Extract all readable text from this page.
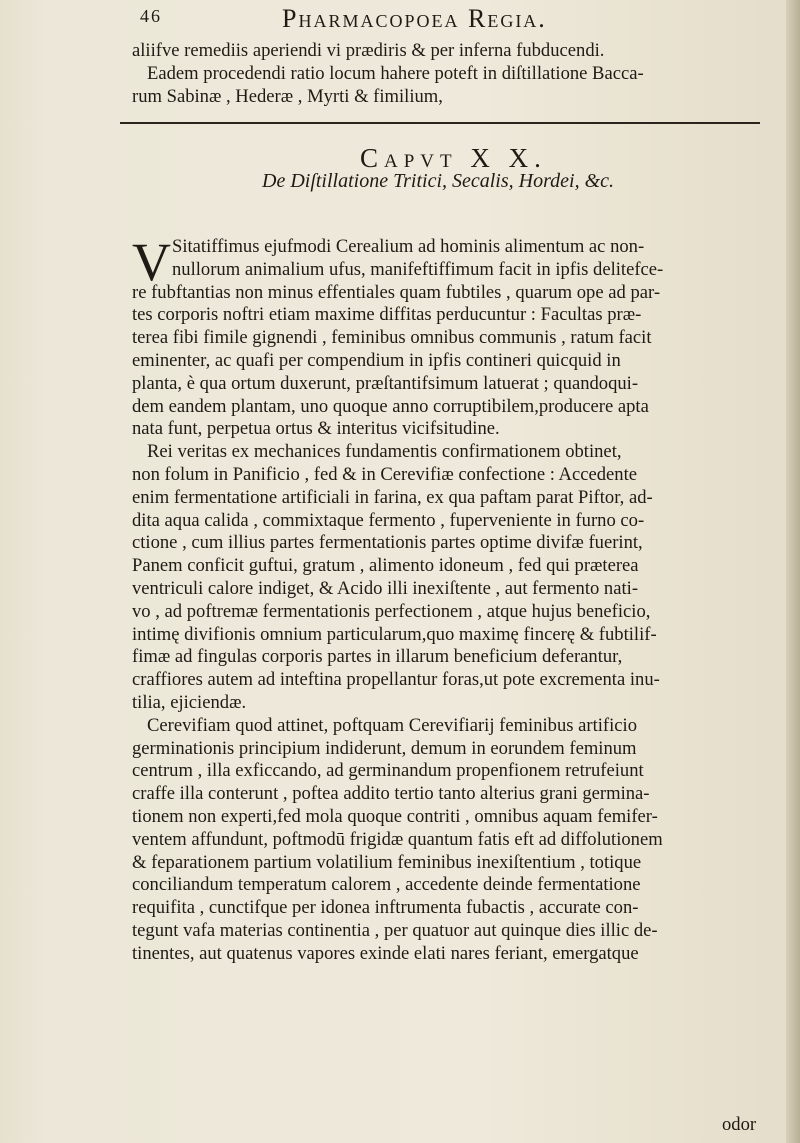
46	Pharmacopoea Regia.
aliifve remediis aperiendi vi prædiris & per inferna fubducendi.
Eadem procedendi ratio locum hahere poteft in diſtillatione Bacca-
rum Sabinæ , Hederæ , Myrti & fimilium,
Capvt X X.
De Diſtillatione Tritici, Secalis, Hordei, &c.
V Sitatiffimus ejufmodi Cerealium ad hominis alimentum ac non-
nullorum animalium ufus, manifeftiffimum facit in ipfis delitefce-
re fubftantias non minus effentiales quam fubtiles , quarum ope ad par-
tes corporis noftri etiam maxime diffitas perducuntur : Facultas præ-
terea fibi fimile gignendi , feminibus omnibus communis , ratum facit
eminenter, ac quafi per compendium in ipfis contineri quicquid in
planta, è qua ortum duxerunt, præſtantifsimum latuerat ; quandoqui-
dem eandem plantam, uno quoque anno corruptibilem,producere apta
nata funt, perpetua ortus & interitus vicifsitudine.
Rei veritas ex mechanices fundamentis confirmationem obtinet,
non folum in Panificio , fed & in Cerevifiæ confectione : Accedente
enim fermentatione artificiali in farina, ex qua paftam parat Piftor, ad-
dita aqua calida , commixtaque fermento , fuperveniente in furno co-
ctione , cum illius partes fermentationis partes optime divifæ fuerint,
Panem conficit guftui, gratum , alimento idoneum , fed qui præterea
ventriculi calore indiget, & Acido illi inexiſtente , aut fermento nati-
vo , ad poftremæ fermentationis perfectionem , atque hujus beneficio,
intimę divifionis omnium particularum,quo maximę fincerę & fubtilif-
fimæ ad fingulas corporis partes in illarum beneficium deferantur,
craffiores autem ad inteftina propellantur foras,ut pote excrementa inu-
tilia, ejiciendæ.
Cerevifiam quod attinet, poftquam Cerevifiarij feminibus artificio
germinationis principium indiderunt, demum in eorundem feminum
centrum , illa exficcando, ad germinandum propenfionem retrufeiunt
craffe illa conterunt , poftea addito tertio tanto alterius grani germina-
tionem non experti,fed mola quoque contriti , omnibus aquam femifer-
ventem affundunt, poftmodū frigidæ quantum fatis eft ad diffolutionem
& feparationem partium volatilium feminibus inexiſtentium , totique
conciliandum temperatum calorem , accedente deinde fermentatione
requifita , cunctifque per idonea inftrumenta fubactis , accurate con-
tegunt vafa materias continentia , per quatuor aut quinque dies illic de-
tinentes, aut quatenus vapores exinde elati nares feriant, emergatque
odor
